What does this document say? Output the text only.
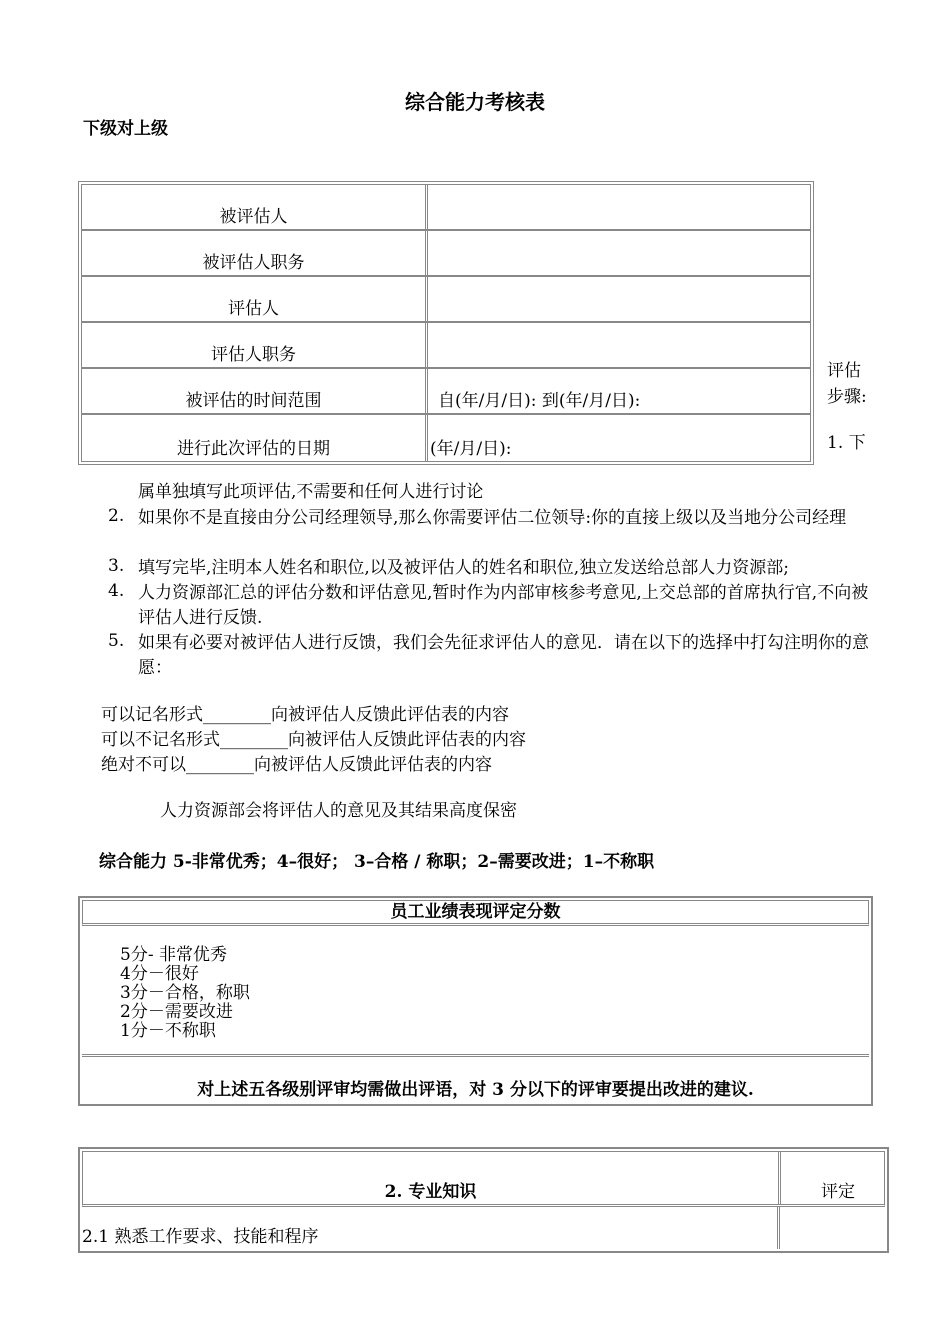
综合能力考核表
下级对上级
被评估人
被评估人职务
评估人
评估人职务
被评估的时间范围	自(年/月/日): 到(年/月/日):
进行此次评估的日期	(年/月/日):
评估
步骤:
1. 下
属单独填写此项评估,不需要和任何人进行讨论
2. 如果你不是直接由分公司经理领导,那么你需要评估二位领导:你的直接上级以及当地分公司经理
3. 填写完毕,注明本人姓名和职位,以及被评估人的姓名和职位,独立发送给总部人力资源部;
4. 人力资源部汇总的评估分数和评估意见,暂时作为内部审核参考意见,上交总部的首席执行官,不向被评估人进行反馈.
5. 如果有必要对被评估人进行反馈，我们会先征求评估人的意见．请在以下的选择中打勾注明你的意愿：
可以记名形式________向被评估人反馈此评估表的内容
可以不记名形式________向被评估人反馈此评估表的内容
绝对不可以________向被评估人反馈此评估表的内容
人力资源部会将评估人的意见及其结果高度保密
综合能力 5-非常优秀；4–很好； 3–合格 / 称职；2–需要改进；1–不称职
员工业绩表现评定分数
5分- 非常优秀
4分－很好
3分－合格，称职
2分－需要改进
1分－不称职
对上述五各级别评审均需做出评语，对 3 分以下的评审要提出改进的建议.
2. 专业知识	评定
2.1 熟悉工作要求、技能和程序
